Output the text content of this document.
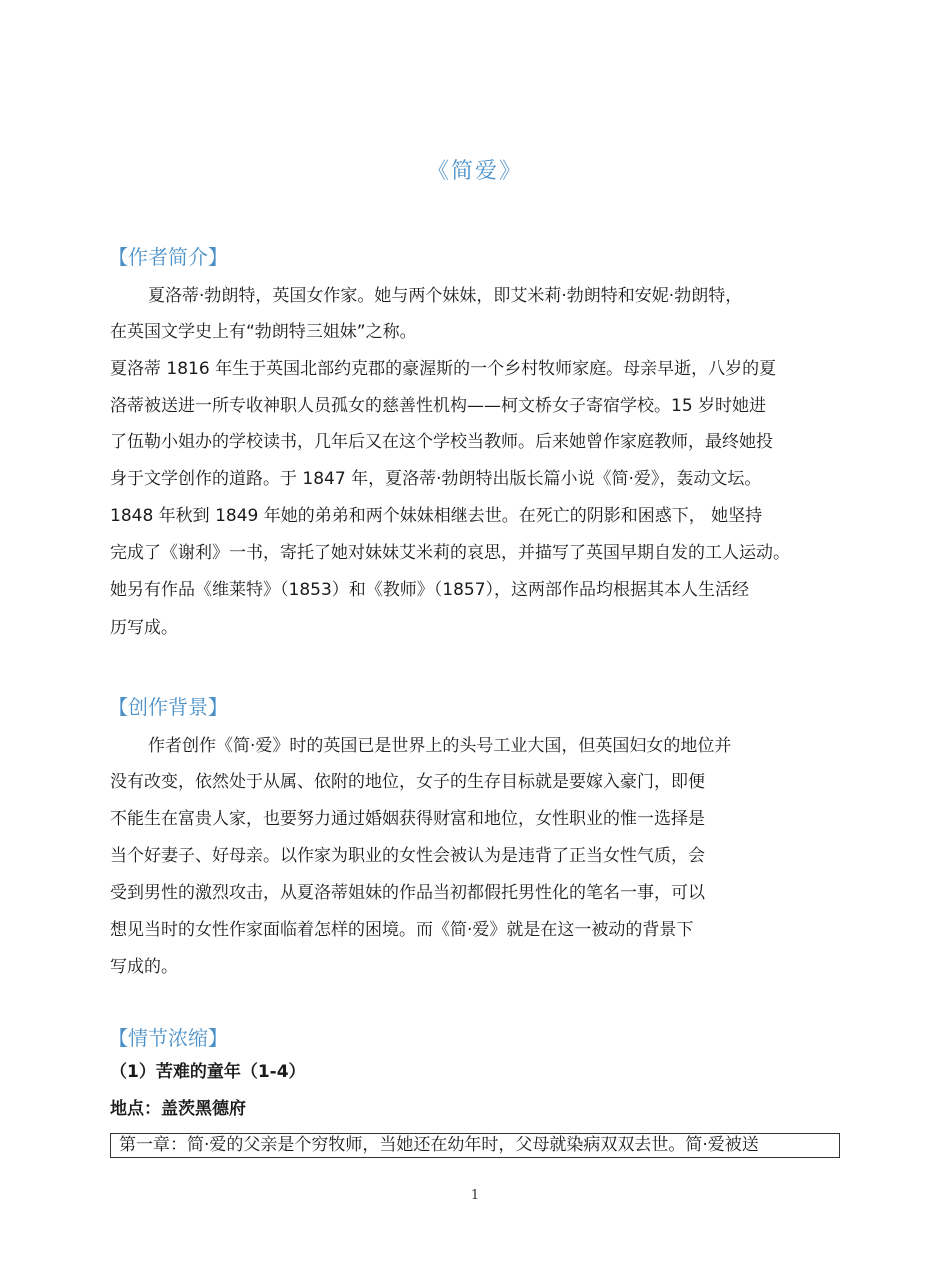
《简爱》
【作者简介】
夏洛蒂·勃朗特，英国女作家。她与两个妹妹，即艾米莉·勃朗特和安妮·勃朗特，
在英国文学史上有“勃朗特三姐妹”之称。
夏洛蒂 1816 年生于英国北部约克郡的豪渥斯的一个乡村牧师家庭。母亲早逝，八岁的夏
洛蒂被送进一所专收神职人员孤女的慈善性机构——柯文桥女子寄宿学校。15 岁时她进
了伍勒小姐办的学校读书，几年后又在这个学校当教师。后来她曾作家庭教师，最终她投
身于文学创作的道路。于 1847 年，夏洛蒂·勃朗特出版长篇小说《简·爱》，轰动文坛。
1848 年秋到 1849 年她的弟弟和两个妹妹相继去世。在死亡的阴影和困惑下， 她坚持
完成了《谢利》一书，寄托了她对妹妹艾米莉的哀思，并描写了英国早期自发的工人运动。
她另有作品《维莱特》（1853）和《教师》（1857），这两部作品均根据其本人生活经
历写成。
【创作背景】
作者创作《简·爱》时的英国已是世界上的头号工业大国，但英国妇女的地位并
没有改变，依然处于从属、依附的地位，女子的生存目标就是要嫁入豪门，即便
不能生在富贵人家，也要努力通过婚姻获得财富和地位，女性职业的惟一选择是
当个好妻子、好母亲。以作家为职业的女性会被认为是违背了正当女性气质，会
受到男性的激烈攻击，从夏洛蒂姐妹的作品当初都假托男性化的笔名一事，可以
想见当时的女性作家面临着怎样的困境。而《简·爱》就是在这一被动的背景下
写成的。
【情节浓缩】
（1）苦难的童年（1-4）
地点：盖茨黑德府
第一章：简·爱的父亲是个穷牧师，当她还在幼年时，父母就染病双双去世。简·爱被送
1
